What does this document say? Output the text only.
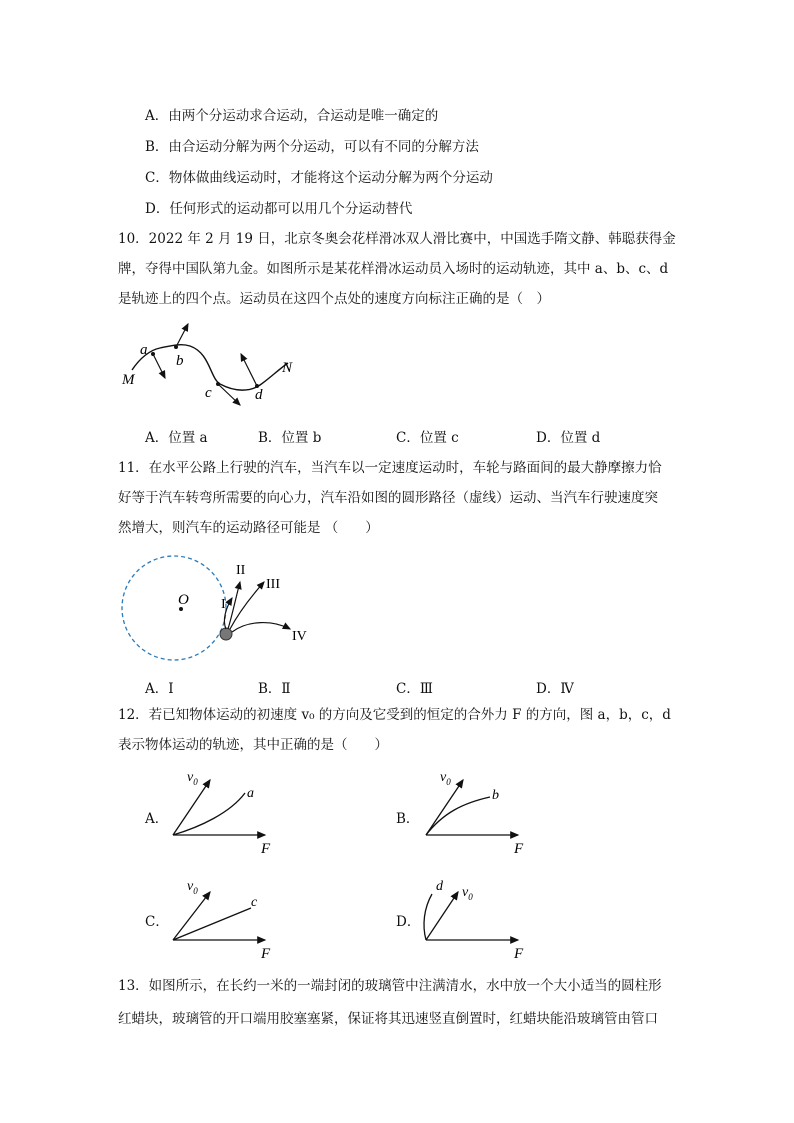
A．由两个分运动求合运动，合运动是唯一确定的
B．由合运动分解为两个分运动，可以有不同的分解方法
C．物体做曲线运动时，才能将这个运动分解为两个分运动
D．任何形式的运动都可以用几个分运动替代
10．2022 年 2 月 19 日，北京冬奥会花样滑冰双人滑比赛中，中国选手隋文静、韩聪获得金
牌，夺得中国队第九金。如图所示是某花样滑冰运动员入场时的运动轨迹，其中 a、b、c、d
是轨迹上的四个点。运动员在这四个点处的速度方向标注正确的是（　）
M
a
b
c	d
N
A．位置 a	B．位置 b	C．位置 c	D．位置 d
11．在水平公路上行驶的汽车，当汽车以一定速度运动时，车轮与路面间的最大静摩擦力恰
好等于汽车转弯所需要的向心力，汽车沿如图的圆形路径（虚线）运动、当汽车行驶速度突
然增大，则汽车的运动路径可能是 （　　）
O I
II
III
IV
A．Ⅰ	B．Ⅱ	C．Ⅲ	D．Ⅳ
12．若已知物体运动的初速度 v₀ 的方向及它受到的恒定的合外力 F 的方向，图 a，b，c，d
表示物体运动的轨迹，其中正确的是（　　）
A．
$v_0$
a
F
B．
$v_0$
b
F
C．
$v_0$
c
F
D．
d $v_0$
F
13．如图所示，在长约一米的一端封闭的玻璃管中注满清水，水中放一个大小适当的圆柱形
红蜡块，玻璃管的开口端用胶塞塞紧，保证将其迅速竖直倒置时，红蜡块能沿玻璃管由管口
